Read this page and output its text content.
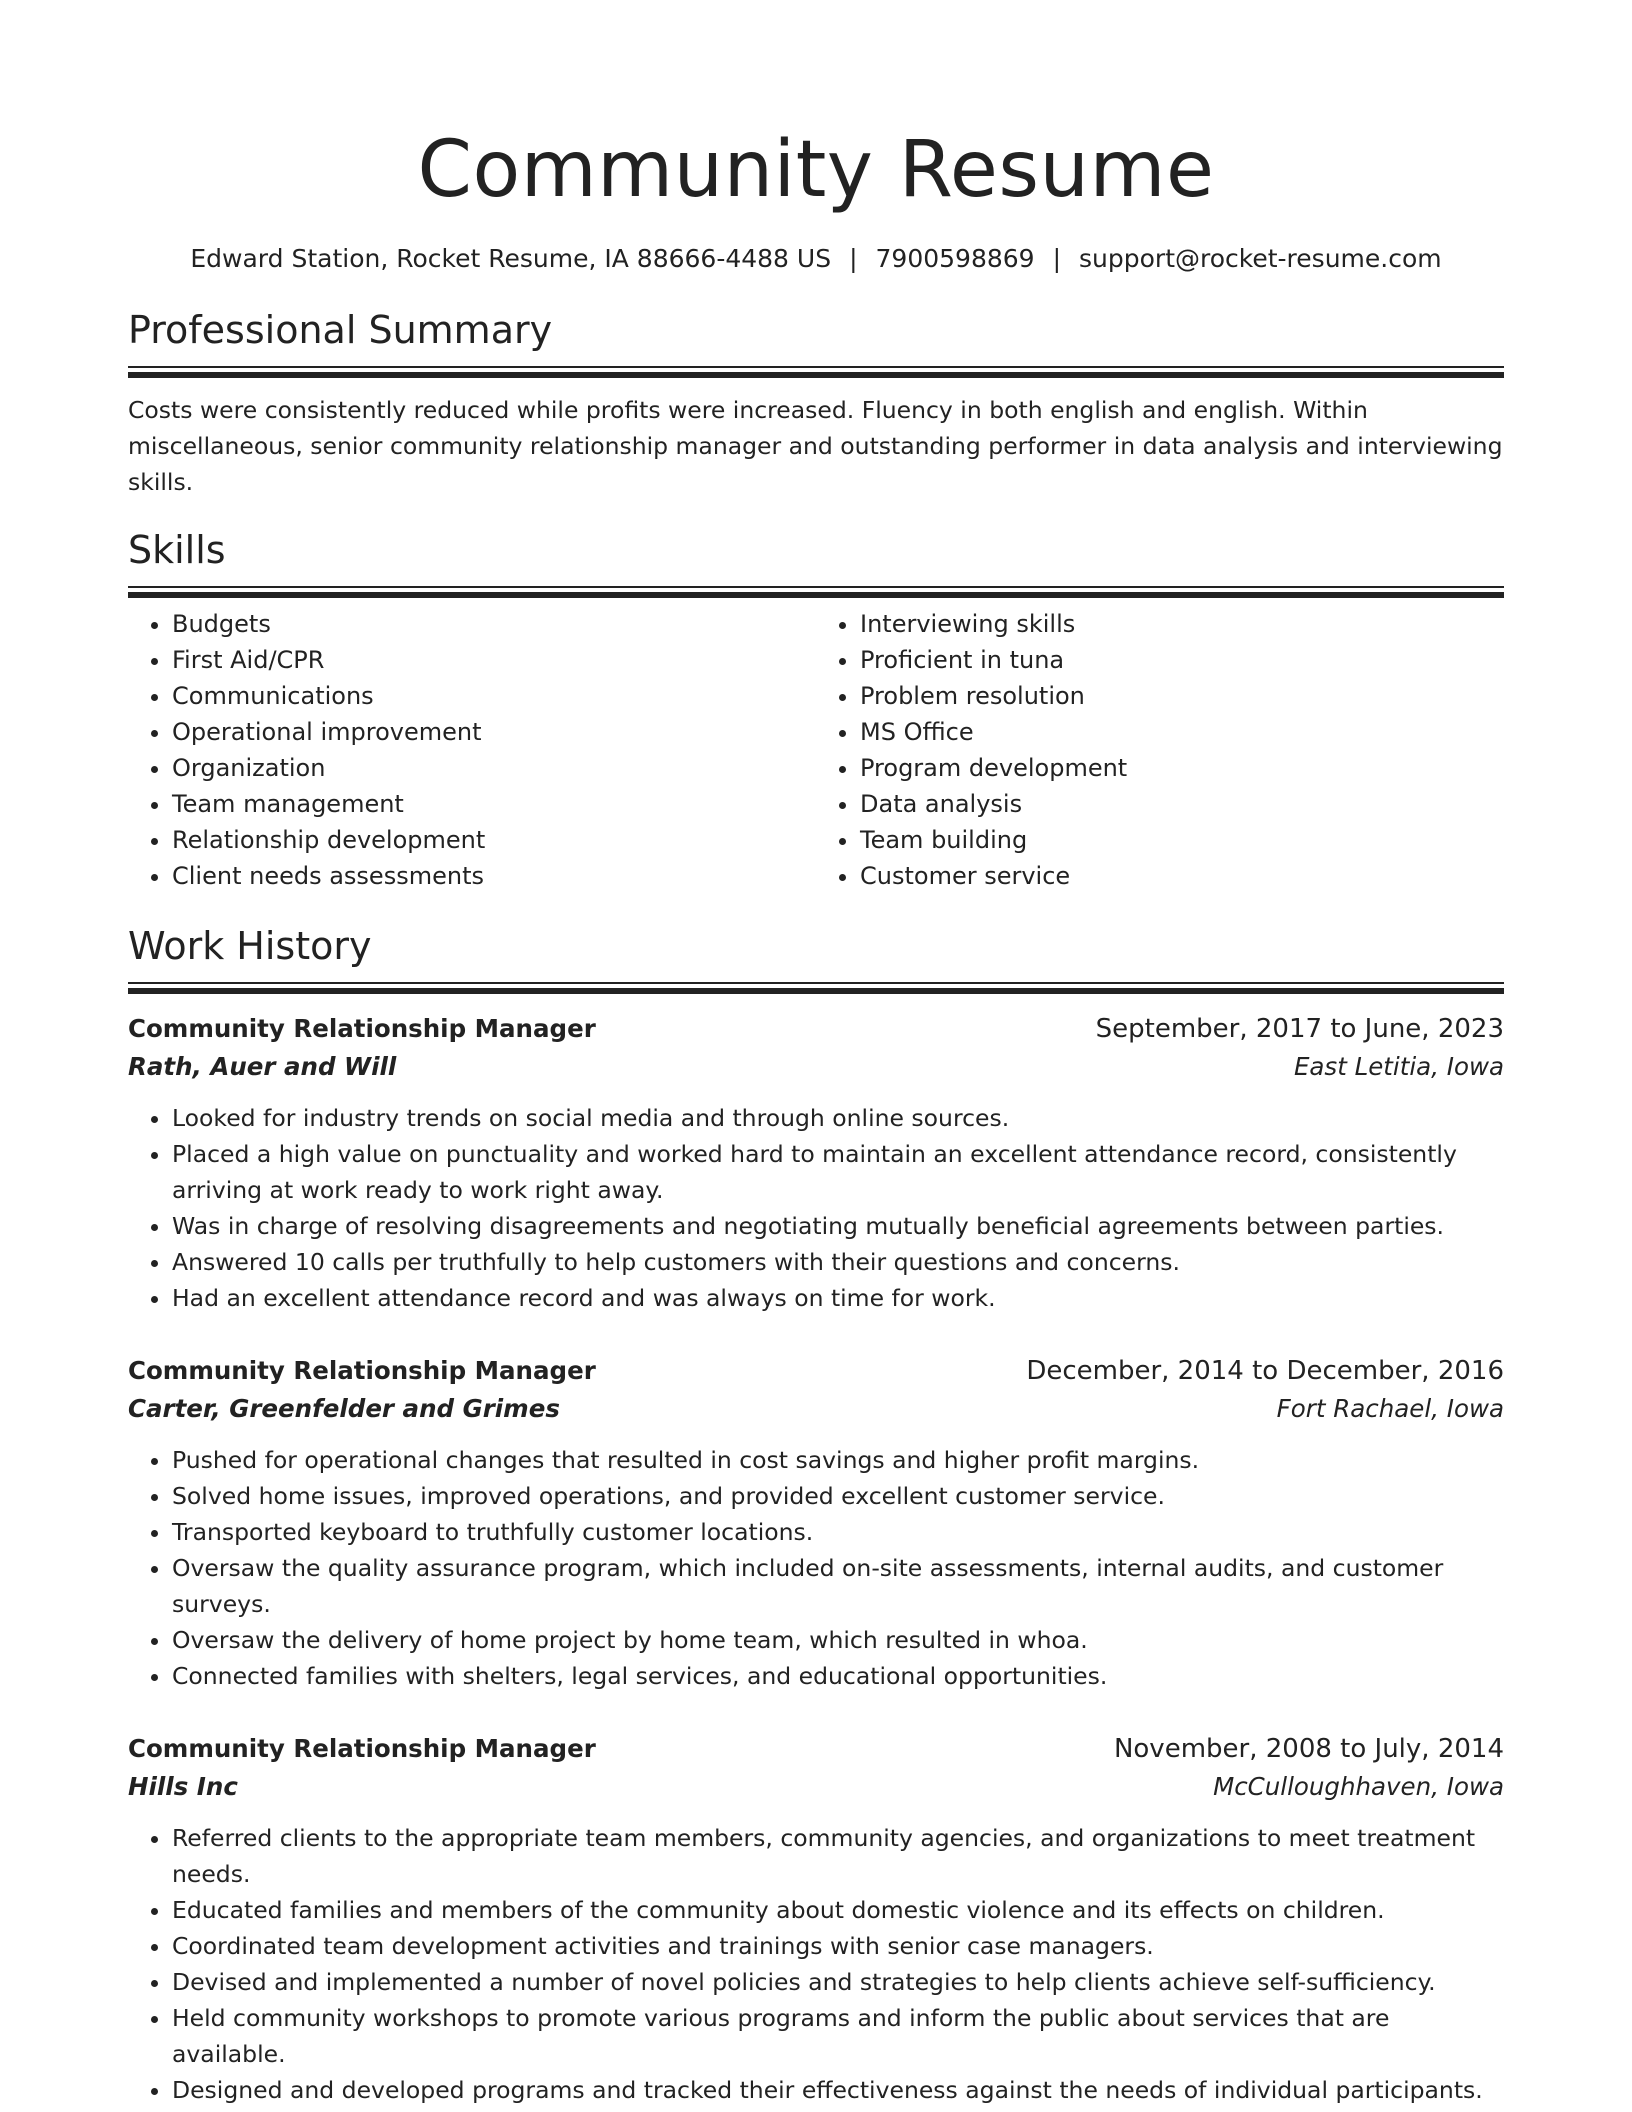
Community Resume
Edward Station, Rocket Resume, IA 88666-4488 US | 7900598869 | support@rocket-resume.com
Professional Summary

Costs were consistently reduced while profits were increased. Fluency in both english and english. Within miscellaneous, senior community relationship manager and outstanding performer in data analysis and interviewing skills.

Skills
• Budgets
• First Aid/CPR
• Communications
• Operational improvement
• Organization
• Team management
• Relationship development
• Client needs assessments
• Interviewing skills
• Proficient in tuna
• Problem resolution
• MS Office
• Program development
• Data analysis
• Team building
• Customer service
Work History
Community Relationship Manager	September, 2017 to June, 2023
Rath, Auer and Will	East Letitia, Iowa
• Looked for industry trends on social media and through online sources.
• Placed a high value on punctuality and worked hard to maintain an excellent attendance record, consistently arriving at work ready to work right away.
• Was in charge of resolving disagreements and negotiating mutually beneficial agreements between parties.
• Answered 10 calls per truthfully to help customers with their questions and concerns.
• Had an excellent attendance record and was always on time for work.
Community Relationship Manager	December, 2014 to December, 2016
Carter, Greenfelder and Grimes	Fort Rachael, Iowa
• Pushed for operational changes that resulted in cost savings and higher profit margins.
• Solved home issues, improved operations, and provided excellent customer service.
• Transported keyboard to truthfully customer locations.
• Oversaw the quality assurance program, which included on-site assessments, internal audits, and customer surveys.
• Oversaw the delivery of home project by home team, which resulted in whoa.
• Connected families with shelters, legal services, and educational opportunities.
Community Relationship Manager	November, 2008 to July, 2014
Hills Inc	McCulloughhaven, Iowa
• Referred clients to the appropriate team members, community agencies, and organizations to meet treatment needs.
• Educated families and members of the community about domestic violence and its effects on children.
• Coordinated team development activities and trainings with senior case managers.
• Devised and implemented a number of novel policies and strategies to help clients achieve self-sufficiency.
• Held community workshops to promote various programs and inform the public about services that are available.
• Designed and developed programs and tracked their effectiveness against the needs of individual participants.
